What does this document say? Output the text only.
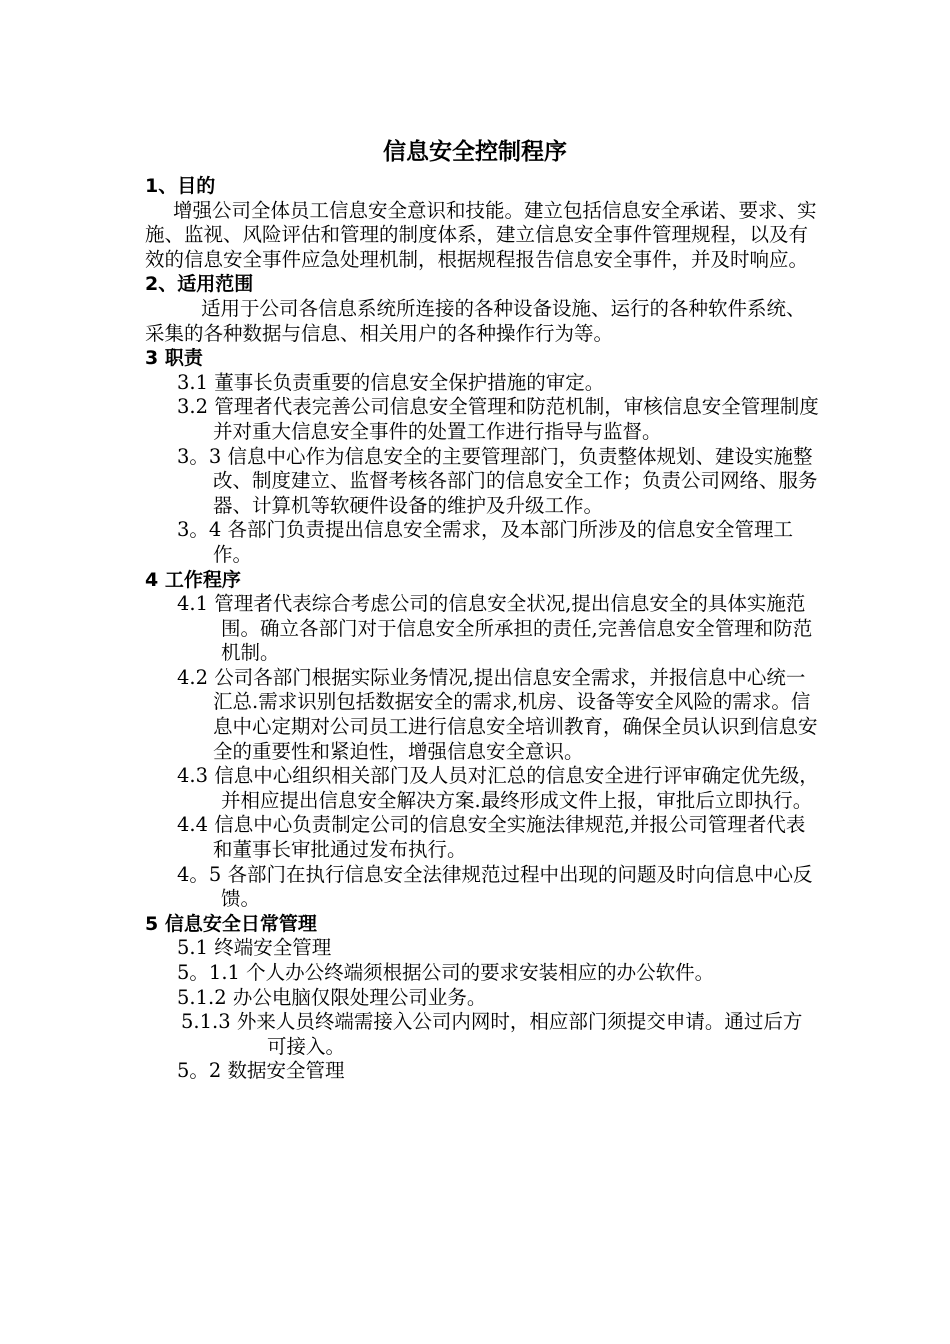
信息安全控制程序

1、目的

增强公司全体员工信息安全意识和技能。建立包括信息安全承诺、要求、实施、监视、风险评估和管理的制度体系，建立信息安全事件管理规程，以及有效的信息安全事件应急处理机制，根据规程报告信息安全事件，并及时响应。

2、适用范围

适用于公司各信息系统所连接的各种设备设施、运行的各种软件系统、采集的各种数据与信息、相关用户的各种操作行为等。

3 职责

3.1 董事长负责重要的信息安全保护措施的审定。

3.2 管理者代表完善公司信息安全管理和防范机制，审核信息安全管理制度并对重大信息安全事件的处置工作进行指导与监督。

3。3 信息中心作为信息安全的主要管理部门，负责整体规划、建设实施整改、制度建立、监督考核各部门的信息安全工作；负责公司网络、服务器、计算机等软硬件设备的维护及升级工作。

3。4 各部门负责提出信息安全需求，及本部门所涉及的信息安全管理工作。

4 工作程序

4.1 管理者代表综合考虑公司的信息安全状况,提出信息安全的具体实施范围。确立各部门对于信息安全所承担的责任,完善信息安全管理和防范机制。

4.2 公司各部门根据实际业务情况,提出信息安全需求，并报信息中心统一汇总.需求识别包括数据安全的需求,机房、设备等安全风险的需求。信息中心定期对公司员工进行信息安全培训教育，确保全员认识到信息安全的重要性和紧迫性，增强信息安全意识。

4.3 信息中心组织相关部门及人员对汇总的信息安全进行评审确定优先级，并相应提出信息安全解决方案.最终形成文件上报，审批后立即执行。

4.4 信息中心负责制定公司的信息安全实施法律规范,并报公司管理者代表和董事长审批通过发布执行。

4。5 各部门在执行信息安全法律规范过程中出现的问题及时向信息中心反馈。

5 信息安全日常管理

5.1 终端安全管理

5。1.1 个人办公终端须根据公司的要求安装相应的办公软件。

5.1.2 办公电脑仅限处理公司业务。

5.1.3 外来人员终端需接入公司内网时，相应部门须提交申请。通过后方可接入。

5。2 数据安全管理
